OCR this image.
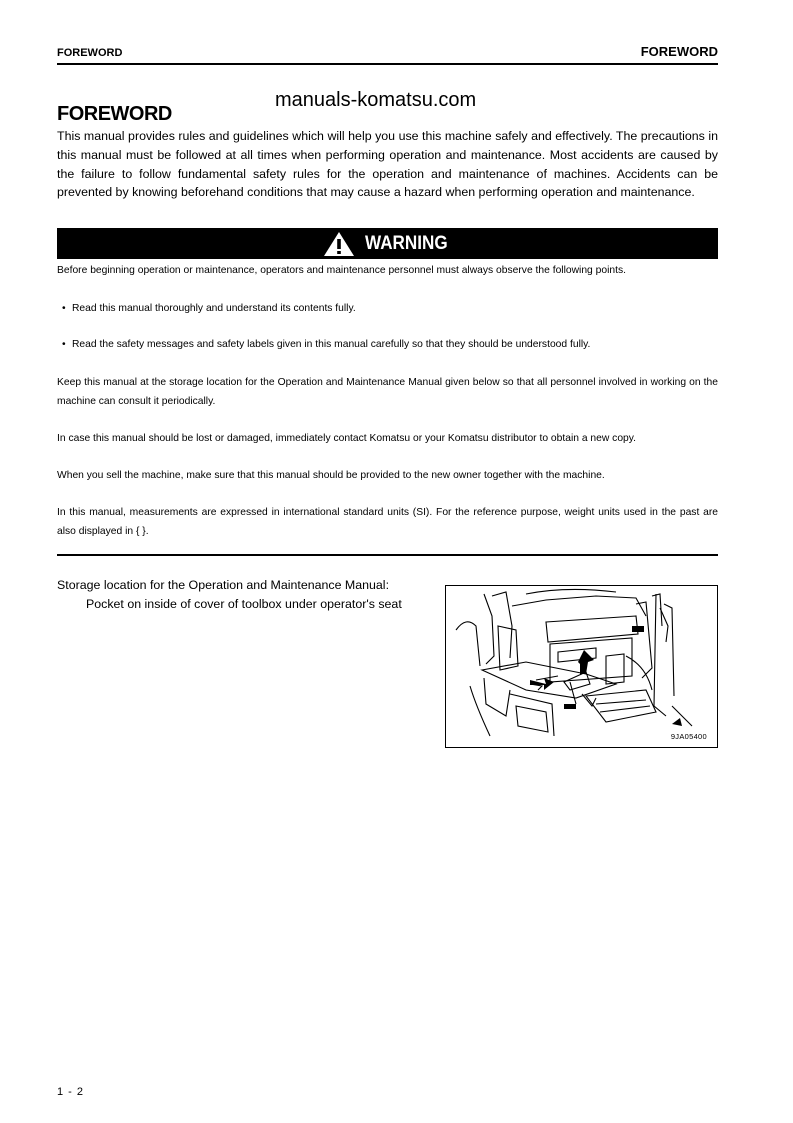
FOREWORD	FOREWORD
manuals-komatsu.com
FOREWORD
This manual provides rules and guidelines which will help you use this machine safely and effectively. The precautions in this manual must be followed at all times when performing operation and maintenance. Most accidents are caused by the failure to follow fundamental safety rules for the operation and maintenance of machines. Accidents can be prevented by knowing beforehand conditions that may cause a hazard when performing operation and maintenance.
WARNING
Before beginning operation or maintenance, operators and maintenance personnel must always observe the following points.
• Read this manual thoroughly and understand its contents fully.
• Read the safety messages and safety labels given in this manual carefully so that they should be understood fully.
Keep this manual at the storage location for the Operation and Maintenance Manual given below so that all personnel involved in working on the machine can consult it periodically.
In case this manual should be lost or damaged, immediately contact Komatsu or your Komatsu distributor to obtain a new copy.
When you sell the machine, make sure that this manual should be provided to the new owner together with the machine.
In this manual, measurements are expressed in international standard units (SI). For the reference purpose, weight units used in the past are also displayed in { }.
Storage location for the Operation and Maintenance Manual:
Pocket on inside of cover of toolbox under operator's seat
9JA05400
1 - 2
